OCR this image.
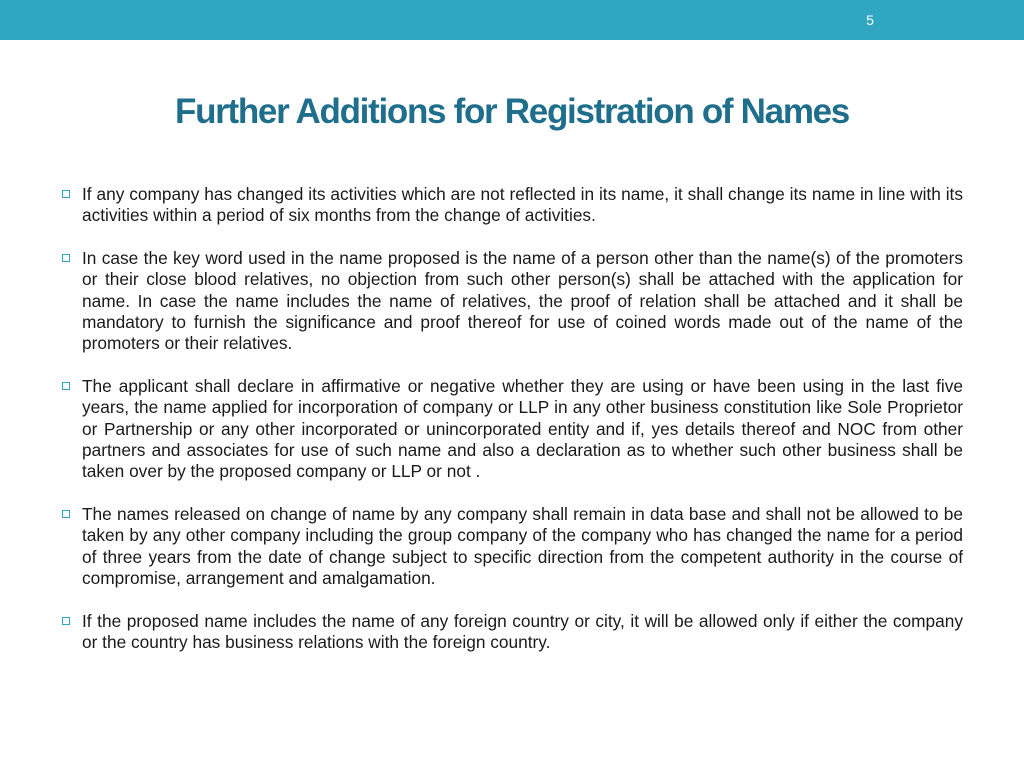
5
Further Additions for Registration of Names
If any company has changed its activities which are not reflected in its name, it shall change its name in line with its activities within a period of six months from the change of activities.
In case the key word used in the name proposed is the name of a person other than the name(s) of the promoters or their close blood relatives, no objection from such other person(s) shall be attached with the application for name. In case the name includes the name of relatives, the proof of relation shall be attached and it shall be mandatory to furnish the significance and proof thereof for use of coined words made out of the name of the promoters or their relatives.
The applicant shall declare in affirmative or negative whether they are using or have been using in the last five years, the name applied for incorporation of company or LLP in any other business constitution like Sole Proprietor or Partnership or any other incorporated or unincorporated entity and if, yes details thereof and NOC from other partners and associates for use of such name and also a declaration as to whether such other business shall be taken over by the proposed company or LLP or not .
The names released on change of name by any company shall remain in data base and shall not be allowed to be taken by any other company including the group company of the company who has changed the name for a period of three years from the date of change subject to specific direction from the competent authority in the course of compromise, arrangement and amalgamation.
If the proposed name includes the name of any foreign country or city, it will be allowed only if either the company or the country has business relations with the foreign country.
